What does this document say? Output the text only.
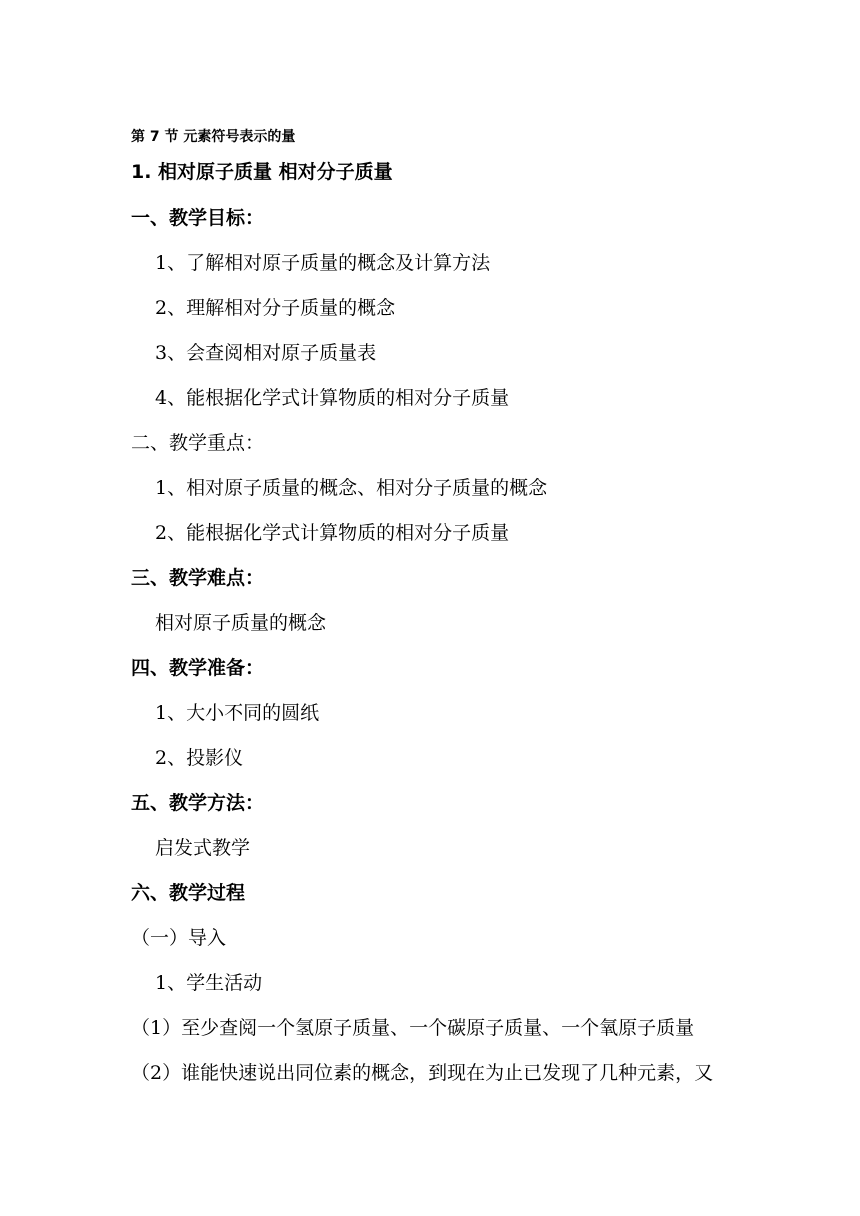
第 7 节 元素符号表示的量
1. 相对原子质量 相对分子质量
一、教学目标：
1、了解相对原子质量的概念及计算方法
2、理解相对分子质量的概念
3、会查阅相对原子质量表
4、能根据化学式计算物质的相对分子质量
二、教学重点：
1、相对原子质量的概念、相对分子质量的概念
2、能根据化学式计算物质的相对分子质量
三、教学难点：
相对原子质量的概念
四、教学准备：
1、大小不同的圆纸
2、投影仪
五、教学方法：
启发式教学
六、教学过程
（一）导入
1、学生活动
（1）至少查阅一个氢原子质量、一个碳原子质量、一个氧原子质量
（2）谁能快速说出同位素的概念，到现在为止已发现了几种元素，又
